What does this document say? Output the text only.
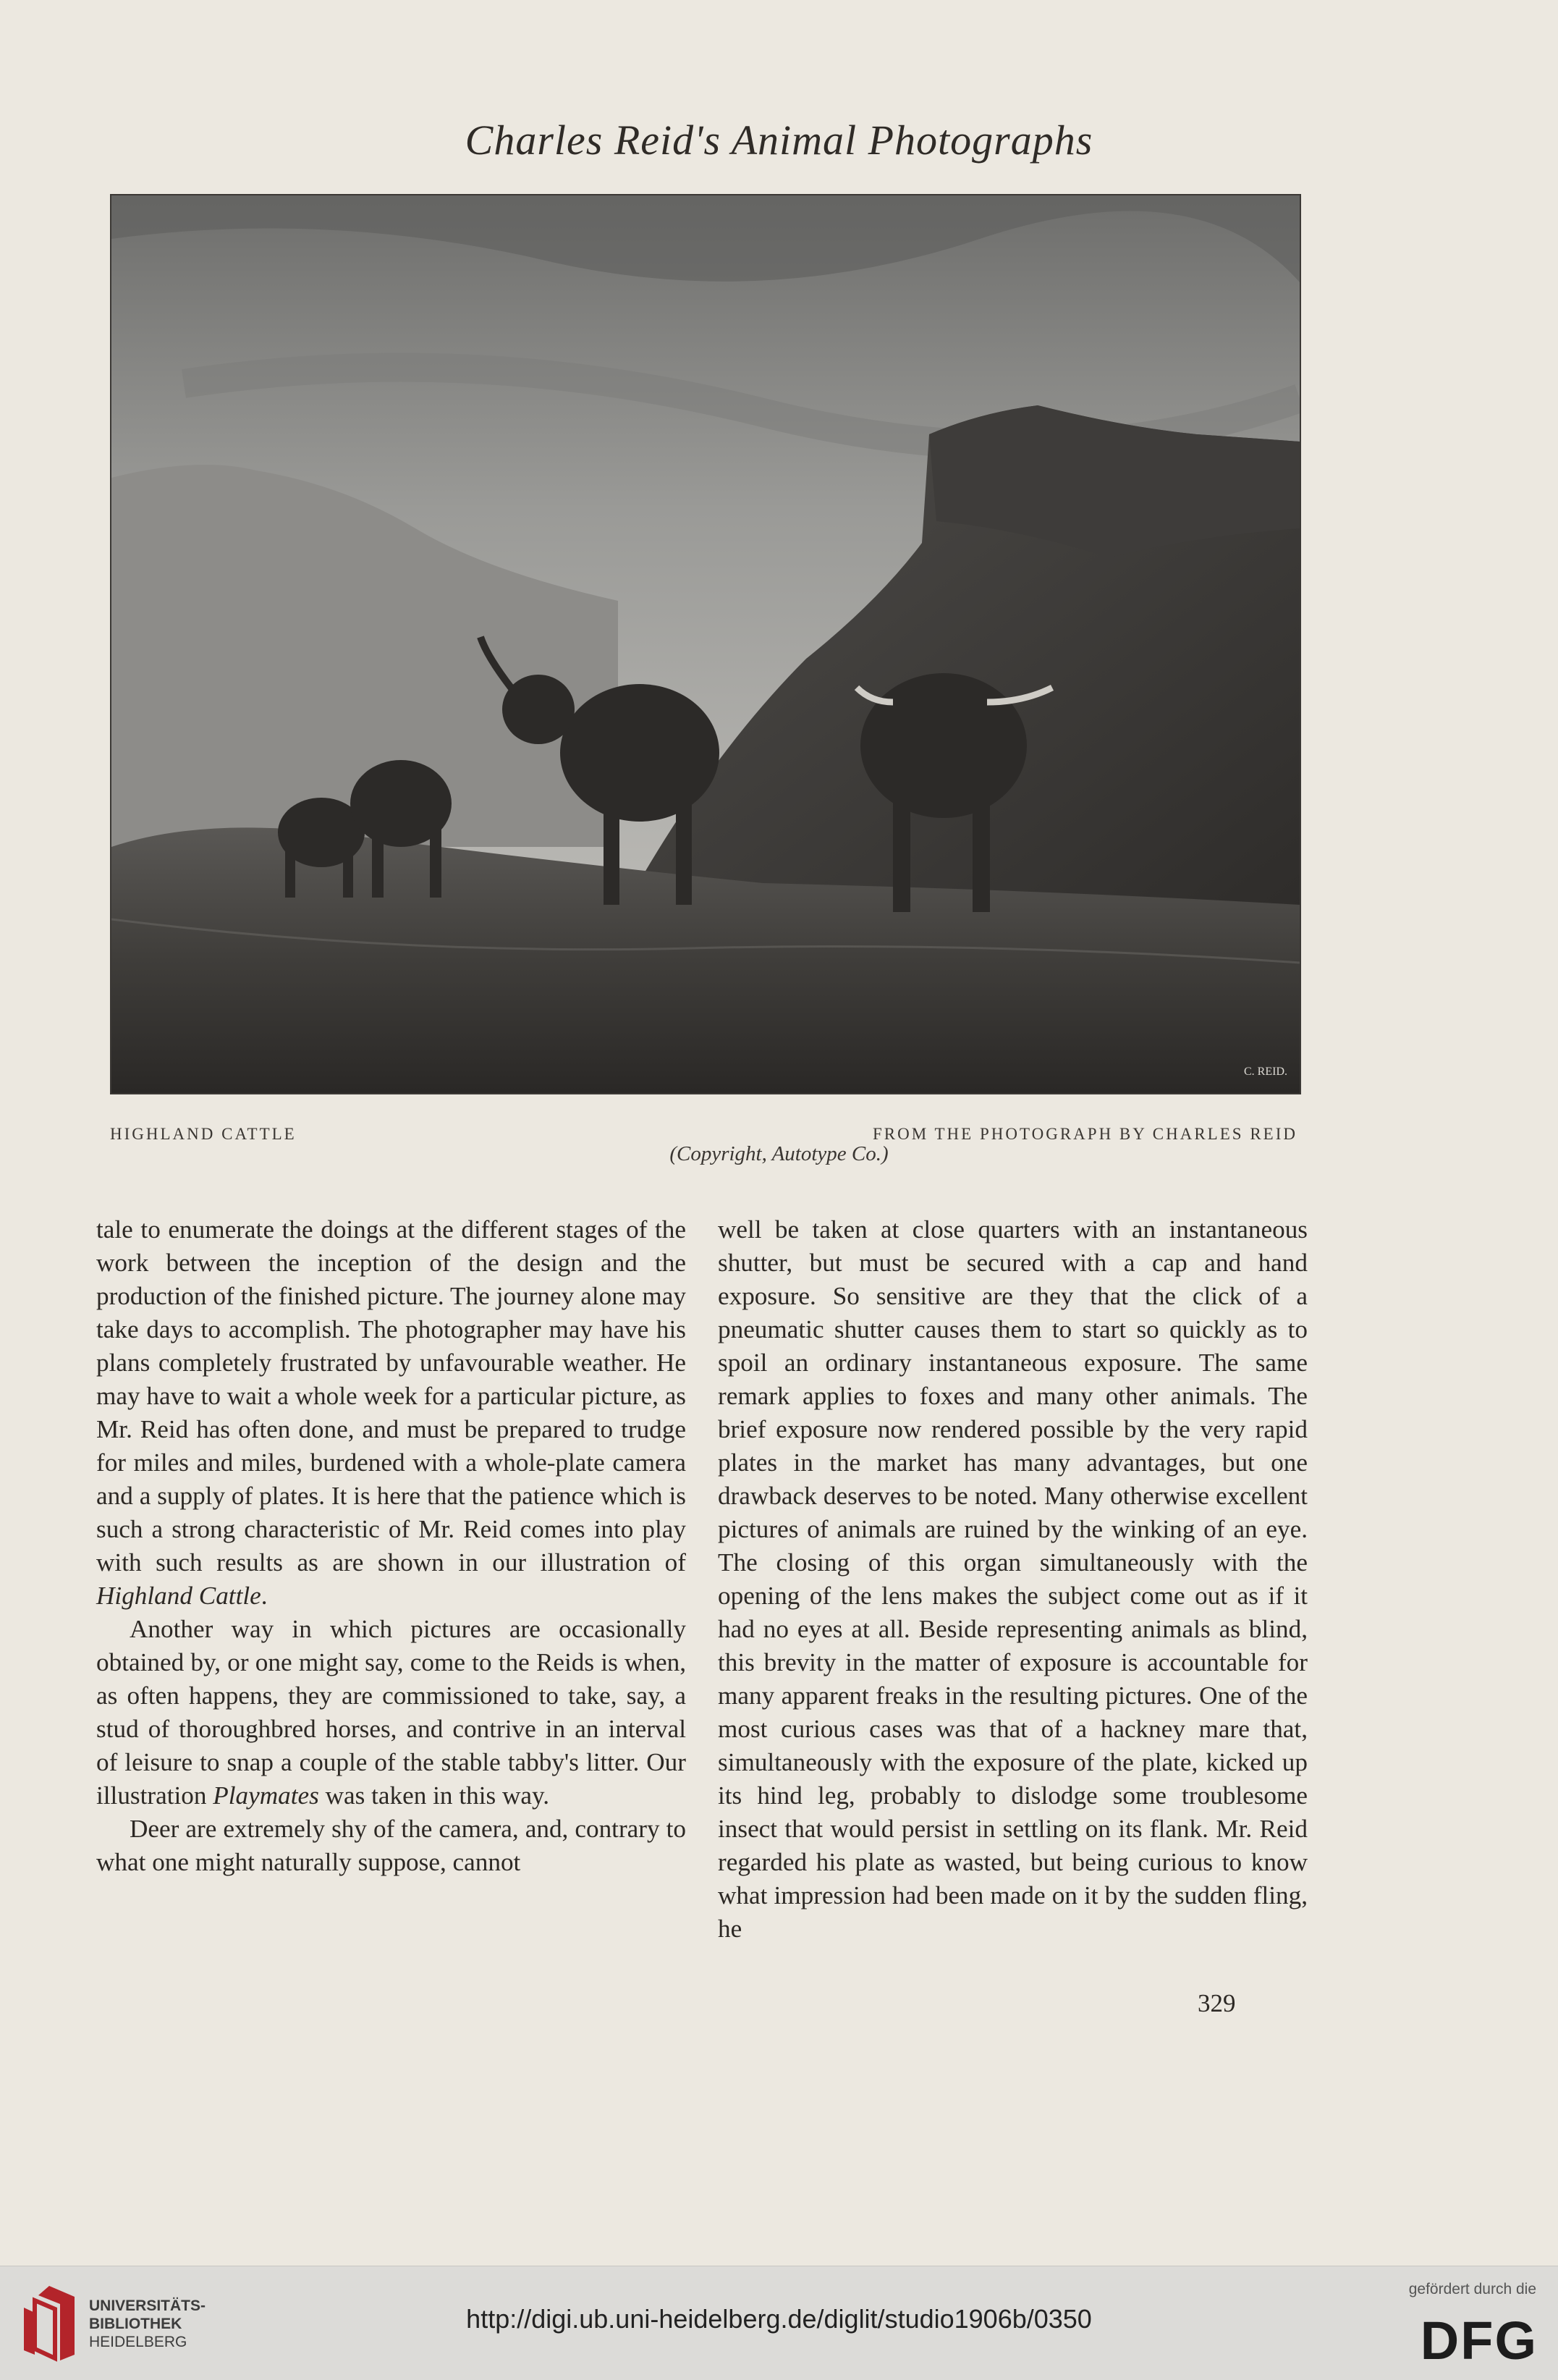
Charles Reid's Animal Photographs
C. REID.
HIGHLAND CATTLE	FROM THE PHOTOGRAPH BY CHARLES REID
(Copyright, Autotype Co.)

tale to enumerate the doings at the different stages of the work between the inception of the design and the production of the finished picture. The journey alone may take days to accomplish. The photographer may have his plans completely frustrated by unfavourable weather. He may have to wait a whole week for a particular picture, as Mr. Reid has often done, and must be prepared to trudge for miles and miles, burdened with a whole-plate camera and a supply of plates. It is here that the patience which is such a strong characteristic of Mr. Reid comes into play with such results as are shown in our illustration of Highland Cattle.

Another way in which pictures are occasionally obtained by, or one might say, come to the Reids is when, as often happens, they are commissioned to take, say, a stud of thoroughbred horses, and contrive in an interval of leisure to snap a couple of the stable tabby's litter. Our illustration Playmates was taken in this way.

Deer are extremely shy of the camera, and, contrary to what one might naturally suppose, cannot

well be taken at close quarters with an instantaneous shutter, but must be secured with a cap and hand exposure. So sensitive are they that the click of a pneumatic shutter causes them to start so quickly as to spoil an ordinary instantaneous exposure. The same remark applies to foxes and many other animals. The brief exposure now rendered possible by the very rapid plates in the market has many advantages, but one drawback deserves to be noted. Many otherwise excellent pictures of animals are ruined by the winking of an eye. The closing of this organ simultaneously with the opening of the lens makes the subject come out as if it had no eyes at all. Beside representing animals as blind, this brevity in the matter of exposure is accountable for many apparent freaks in the resulting pictures. One of the most curious cases was that of a hackney mare that, simultaneously with the exposure of the plate, kicked up its hind leg, probably to dislodge some troublesome insect that would persist in settling on its flank. Mr. Reid regarded his plate as wasted, but being curious to know what impression had been made on it by the sudden fling, he

329
UNIVERSITÄTS-
BIBLIOTHEK
HEIDELBERG
http://digi.ub.uni-heidelberg.de/diglit/studio1906b/0350
gefördert durch die
DFG
